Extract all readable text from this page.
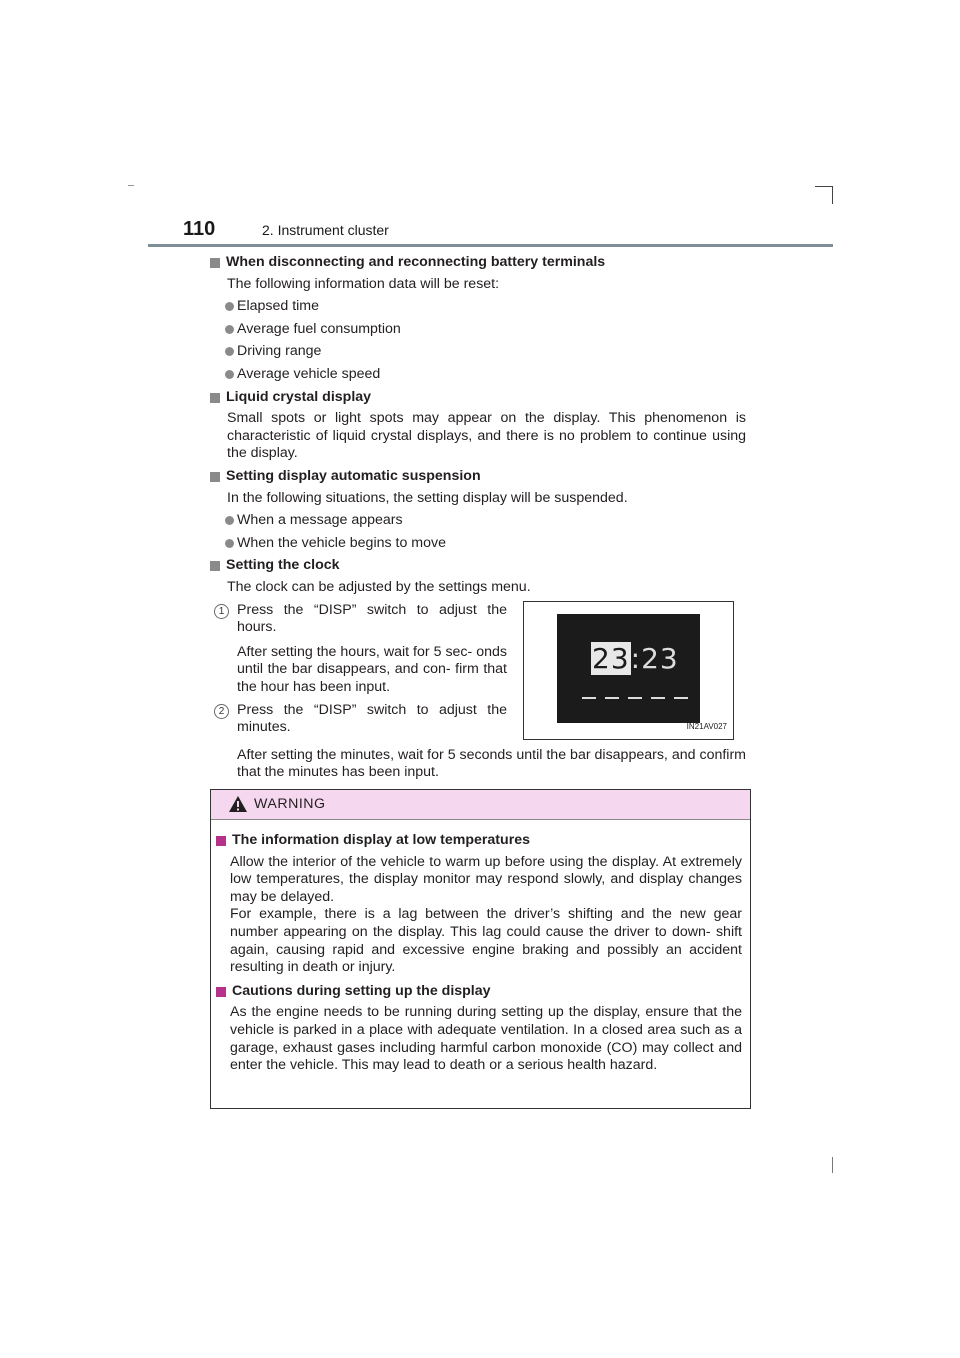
110	2. Instrument cluster
When disconnecting and reconnecting battery terminals
The following information data will be reset:
Elapsed time
Average fuel consumption
Driving range
Average vehicle speed
Liquid crystal display
Small spots or light spots may appear on the display. This phenomenon is characteristic of liquid crystal displays, and there is no problem to continue using the display.
Setting display automatic suspension
In the following situations, the setting display will be suspended.
When a message appears
When the vehicle begins to move
Setting the clock
The clock can be adjusted by the settings menu.
1 Press the “DISP” switch to adjust the hours.
After setting the hours, wait for 5 sec- onds until the bar disappears, and con- firm that the hour has been input.
2 Press the “DISP” switch to adjust the minutes.
23:23
IN21AV027
After setting the minutes, wait for 5 seconds until the bar disappears, and confirm that the minutes has been input.
WARNING
The information display at low temperatures
Allow the interior of the vehicle to warm up before using the display. At extremely low temperatures, the display monitor may respond slowly, and display changes may be delayed.
For example, there is a lag between the driver’s shifting and the new gear number appearing on the display. This lag could cause the driver to down- shift again, causing rapid and excessive engine braking and possibly an accident resulting in death or injury.
Cautions during setting up the display
As the engine needs to be running during setting up the display, ensure that the vehicle is parked in a place with adequate ventilation. In a closed area such as a garage, exhaust gases including harmful carbon monoxide (CO) may collect and enter the vehicle. This may lead to death or a serious health hazard.
